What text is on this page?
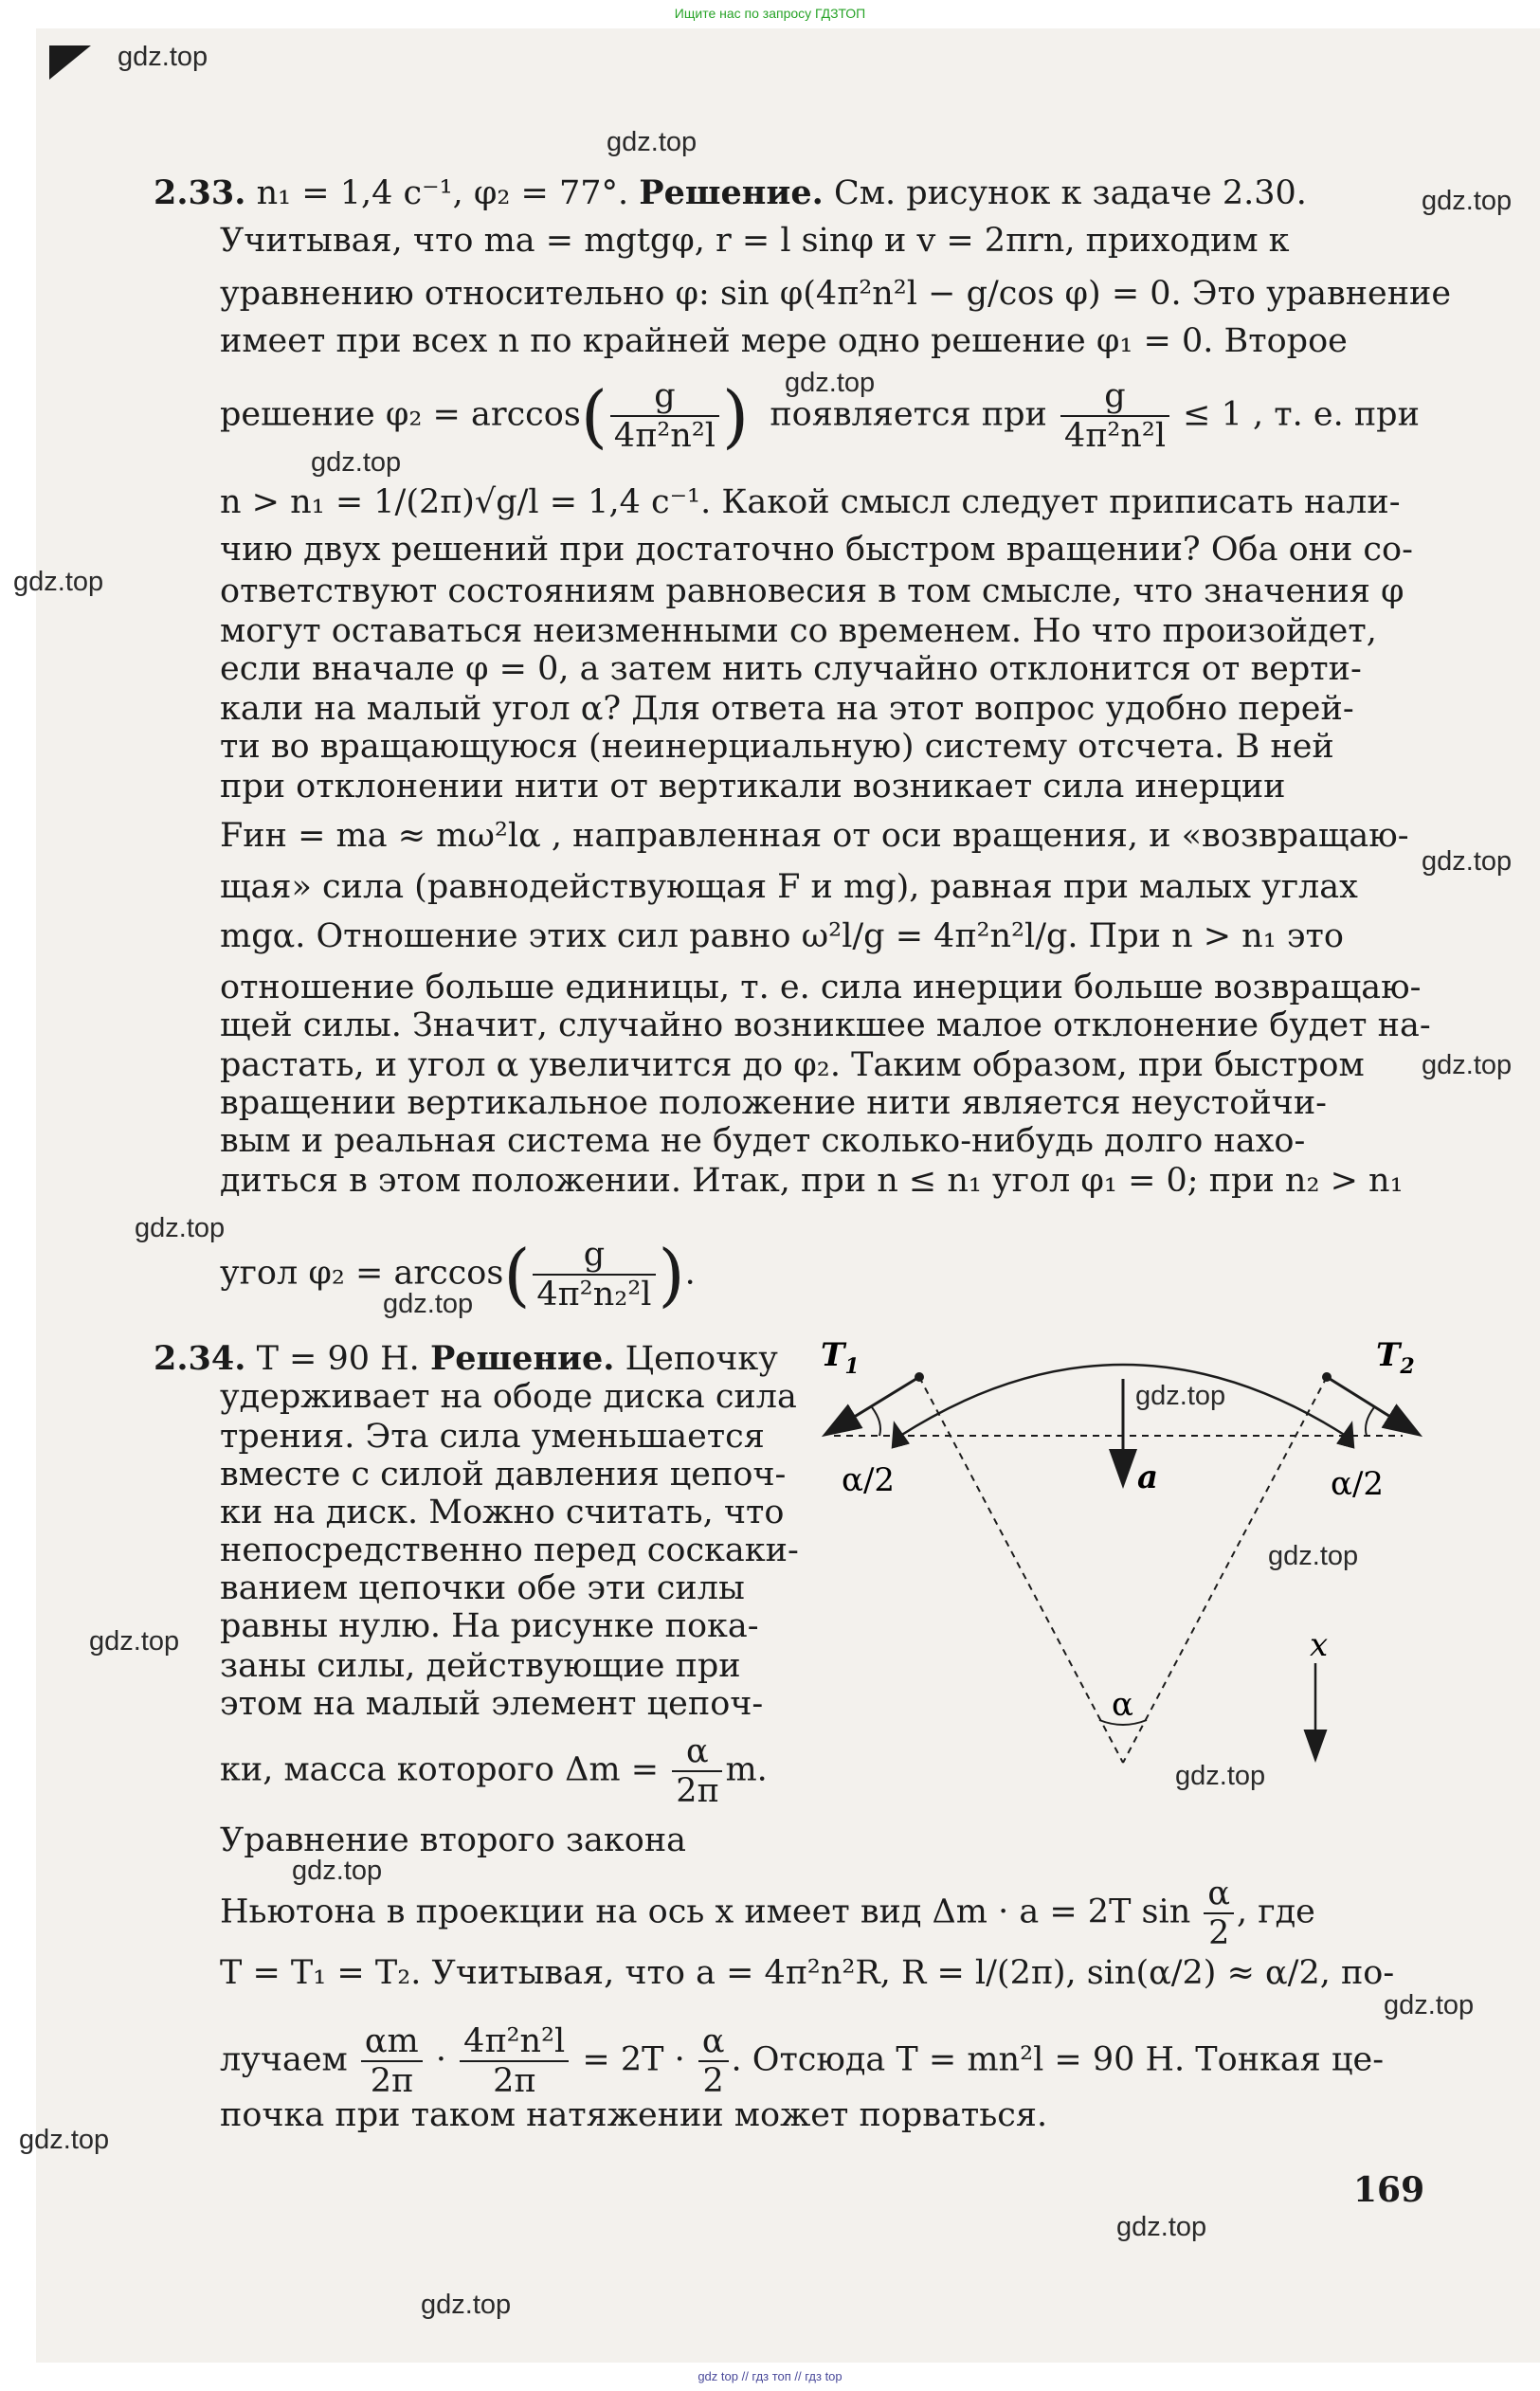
Ищите нас по запросу ГДЗТОП
gdz.top
gdz.top
gdz.top
gdz.top
gdz.top
gdz.top
gdz.top
gdz.top
gdz.top
gdz.top
gdz.top
gdz.top
gdz.top
gdz.top
gdz.top
gdz.top
gdz.top
gdz.top
gdz.top
2.33. n₁ = 1,4 c⁻¹, φ₂ = 77°. Решение. См. рисунок к задаче 2.30.
Учитывая, что ma = mgtgφ, r = l sinφ и v = 2πrn, приходим к
уравнению относительно φ: sin φ(4π²n²l − g/cos φ) = 0. Это уравнение
имеет при всех n по крайней мере одно решение φ₁ = 0. Второе
решение $\varphi_2 = \arccos( \frac{g}{\text{4π²n²l}}$ ) появляется при $\frac{g}{\text{4π²n²l}} \le 1$ , т. е. при
n > n₁ = 1/(2π)√g/l = 1,4 c⁻¹. Какой смысл следует приписать нали-
чию двух решений при достаточно быстром вращении? Оба они со-
ответствуют состояниям равновесия в том смысле, что значения φ
могут оставаться неизменными со временем. Но что произойдет,
если вначале φ = 0, а затем нить случайно отклонится от верти-
кали на малый угол α? Для ответа на этот вопрос удобно перей-
ти во вращающуюся (неинерциальную) систему отсчета. В ней
при отклонении нити от вертикали возникает сила инерции
Fин = ma ≈ mω²lα , направленная от оси вращения, и «возвращаю-
щая» сила (равнодействующая F и mg), равная при малых углах
mgα. Отношение этих сил равно ω²l/g = 4π²n²l/g. При n > n₁ это
отношение больше единицы, т. е. сила инерции больше возвращаю-
щей силы. Значит, случайно возникшее малое отклонение будет на-
растать, и угол α увеличится до φ₂. Таким образом, при быстром
вращении вертикальное положение нити является неустойчи-
вым и реальная система не будет сколько-нибудь долго нахо-
диться в этом положении. Итак, при n ≤ n₁ угол φ₁ = 0; при n₂ > n₁
угол $\varphi_2 = \arccos( \frac{g}{\text{4π²n₂²l}}$ ).
2.34. T = 90 Н. Решение. Цепочку
удерживает на ободе диска сила
трения. Эта сила уменьшается
вместе с силой давления цепоч-
ки на диск. Можно считать, что
непосредственно перед соскаки-
ванием цепочки обе эти силы
равны нулю. На рисунке пока-
заны силы, действующие при
этом на малый элемент цепоч-
ки, масса которого $\Delta m = \frac{\alpha}{2\pi} m$.
Уравнение второго закона
Ньютона в проекции на ось x имеет вид Δm · a = 2T $\sin \frac{\alpha}{2}$ , где
T = T₁ = T₂. Учитывая, что a = 4π²n²R, R = l/(2π), sin(α/2) ≈ α/2, по-
лучаем $\frac{\alpha m}{2\pi} \cdot \frac{\text{4π²n²l}}{2\pi} = 2T \cdot \frac{\alpha}{2}$ . Отсюда T = mn²l = 90 Н. Тонкая це-
почка при таком натяжении может порваться.
$T_1$	$T_2$
a
α/2	α/2
α
x
169
gdz top // гдз топ // гдз top
